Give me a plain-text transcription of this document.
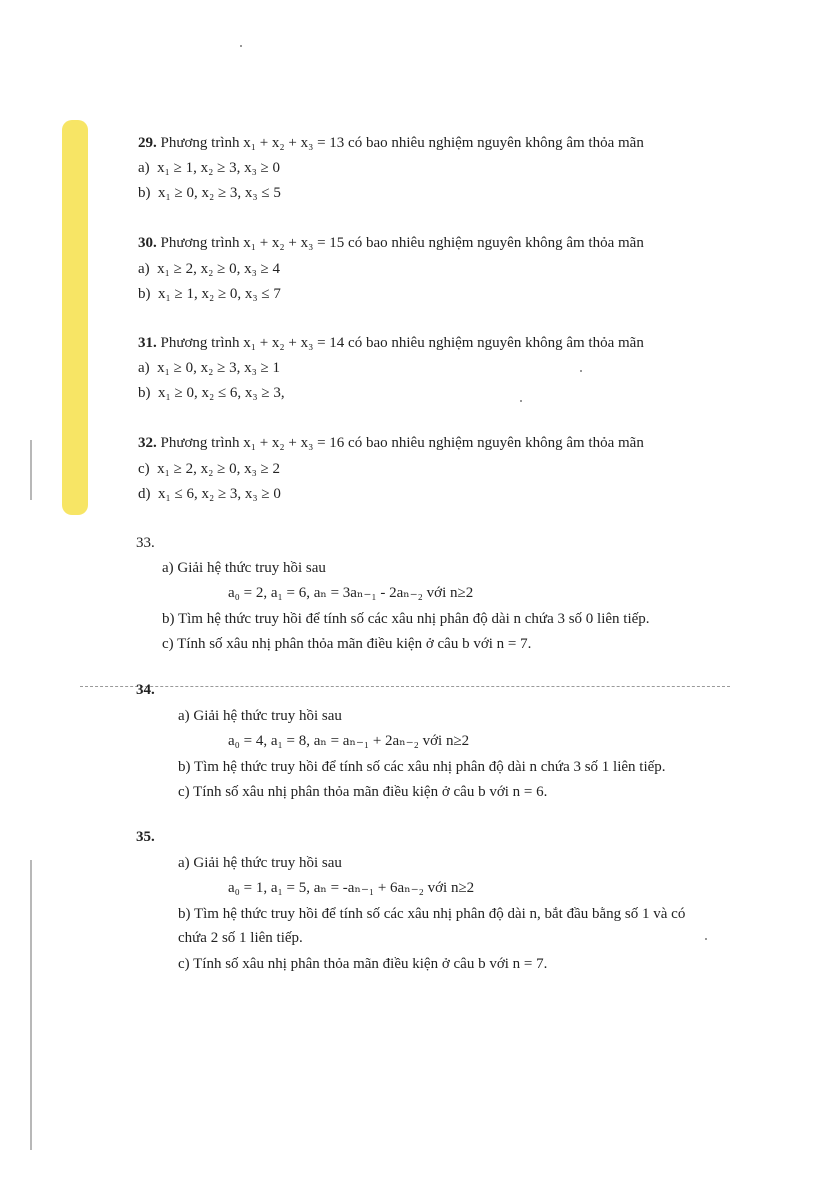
29. Phương trình x₁ + x₂ + x₃ = 13 có bao nhiêu nghiệm nguyên không âm thỏa mãn
a) x₁ ≥ 1, x₂ ≥ 3, x₃ ≥ 0
b) x₁ ≥ 0, x₂ ≥ 3, x₃ ≤ 5
30. Phương trình x₁ + x₂ + x₃ = 15 có bao nhiêu nghiệm nguyên không âm thỏa mãn
a) x₁ ≥ 2, x₂ ≥ 0, x₃ ≥ 4
b) x₁ ≥ 1, x₂ ≥ 0, x₃ ≤ 7
31. Phương trình x₁ + x₂ + x₃ = 14 có bao nhiêu nghiệm nguyên không âm thỏa mãn
a) x₁ ≥ 0, x₂ ≥ 3, x₃ ≥ 1
b) x₁ ≥ 0, x₂ ≤ 6, x₃ ≥ 3,
32. Phương trình x₁ + x₂ + x₃ = 16 có bao nhiêu nghiệm nguyên không âm thỏa mãn
c) x₁ ≥ 2, x₂ ≥ 0, x₃ ≥ 2
d) x₁ ≤ 6, x₂ ≥ 3, x₃ ≥ 0
33.
a) Giải hệ thức truy hồi sau
a₀ = 2, a₁ = 6, aₙ = 3aₙ₋₁ - 2aₙ₋₂ với n≥2
b) Tìm hệ thức truy hồi để tính số các xâu nhị phân độ dài n chứa 3 số 0 liên tiếp.
c) Tính số xâu nhị phân thỏa mãn điều kiện ở câu b với n = 7.
34.
a) Giải hệ thức truy hồi sau
a₀ = 4, a₁ = 8, aₙ = aₙ₋₁ + 2aₙ₋₂ với n≥2
b) Tìm hệ thức truy hồi để tính số các xâu nhị phân độ dài n chứa 3 số 1 liên tiếp.
c) Tính số xâu nhị phân thỏa mãn điều kiện ở câu b với n = 6.
35.
a) Giải hệ thức truy hồi sau
a₀ = 1, a₁ = 5, aₙ = -aₙ₋₁ + 6aₙ₋₂ với n≥2
b) Tìm hệ thức truy hồi để tính số các xâu nhị phân độ dài n, bắt đầu bằng số 1 và có
chứa 2 số 1 liên tiếp.
c) Tính số xâu nhị phân thỏa mãn điều kiện ở câu b với n = 7.
